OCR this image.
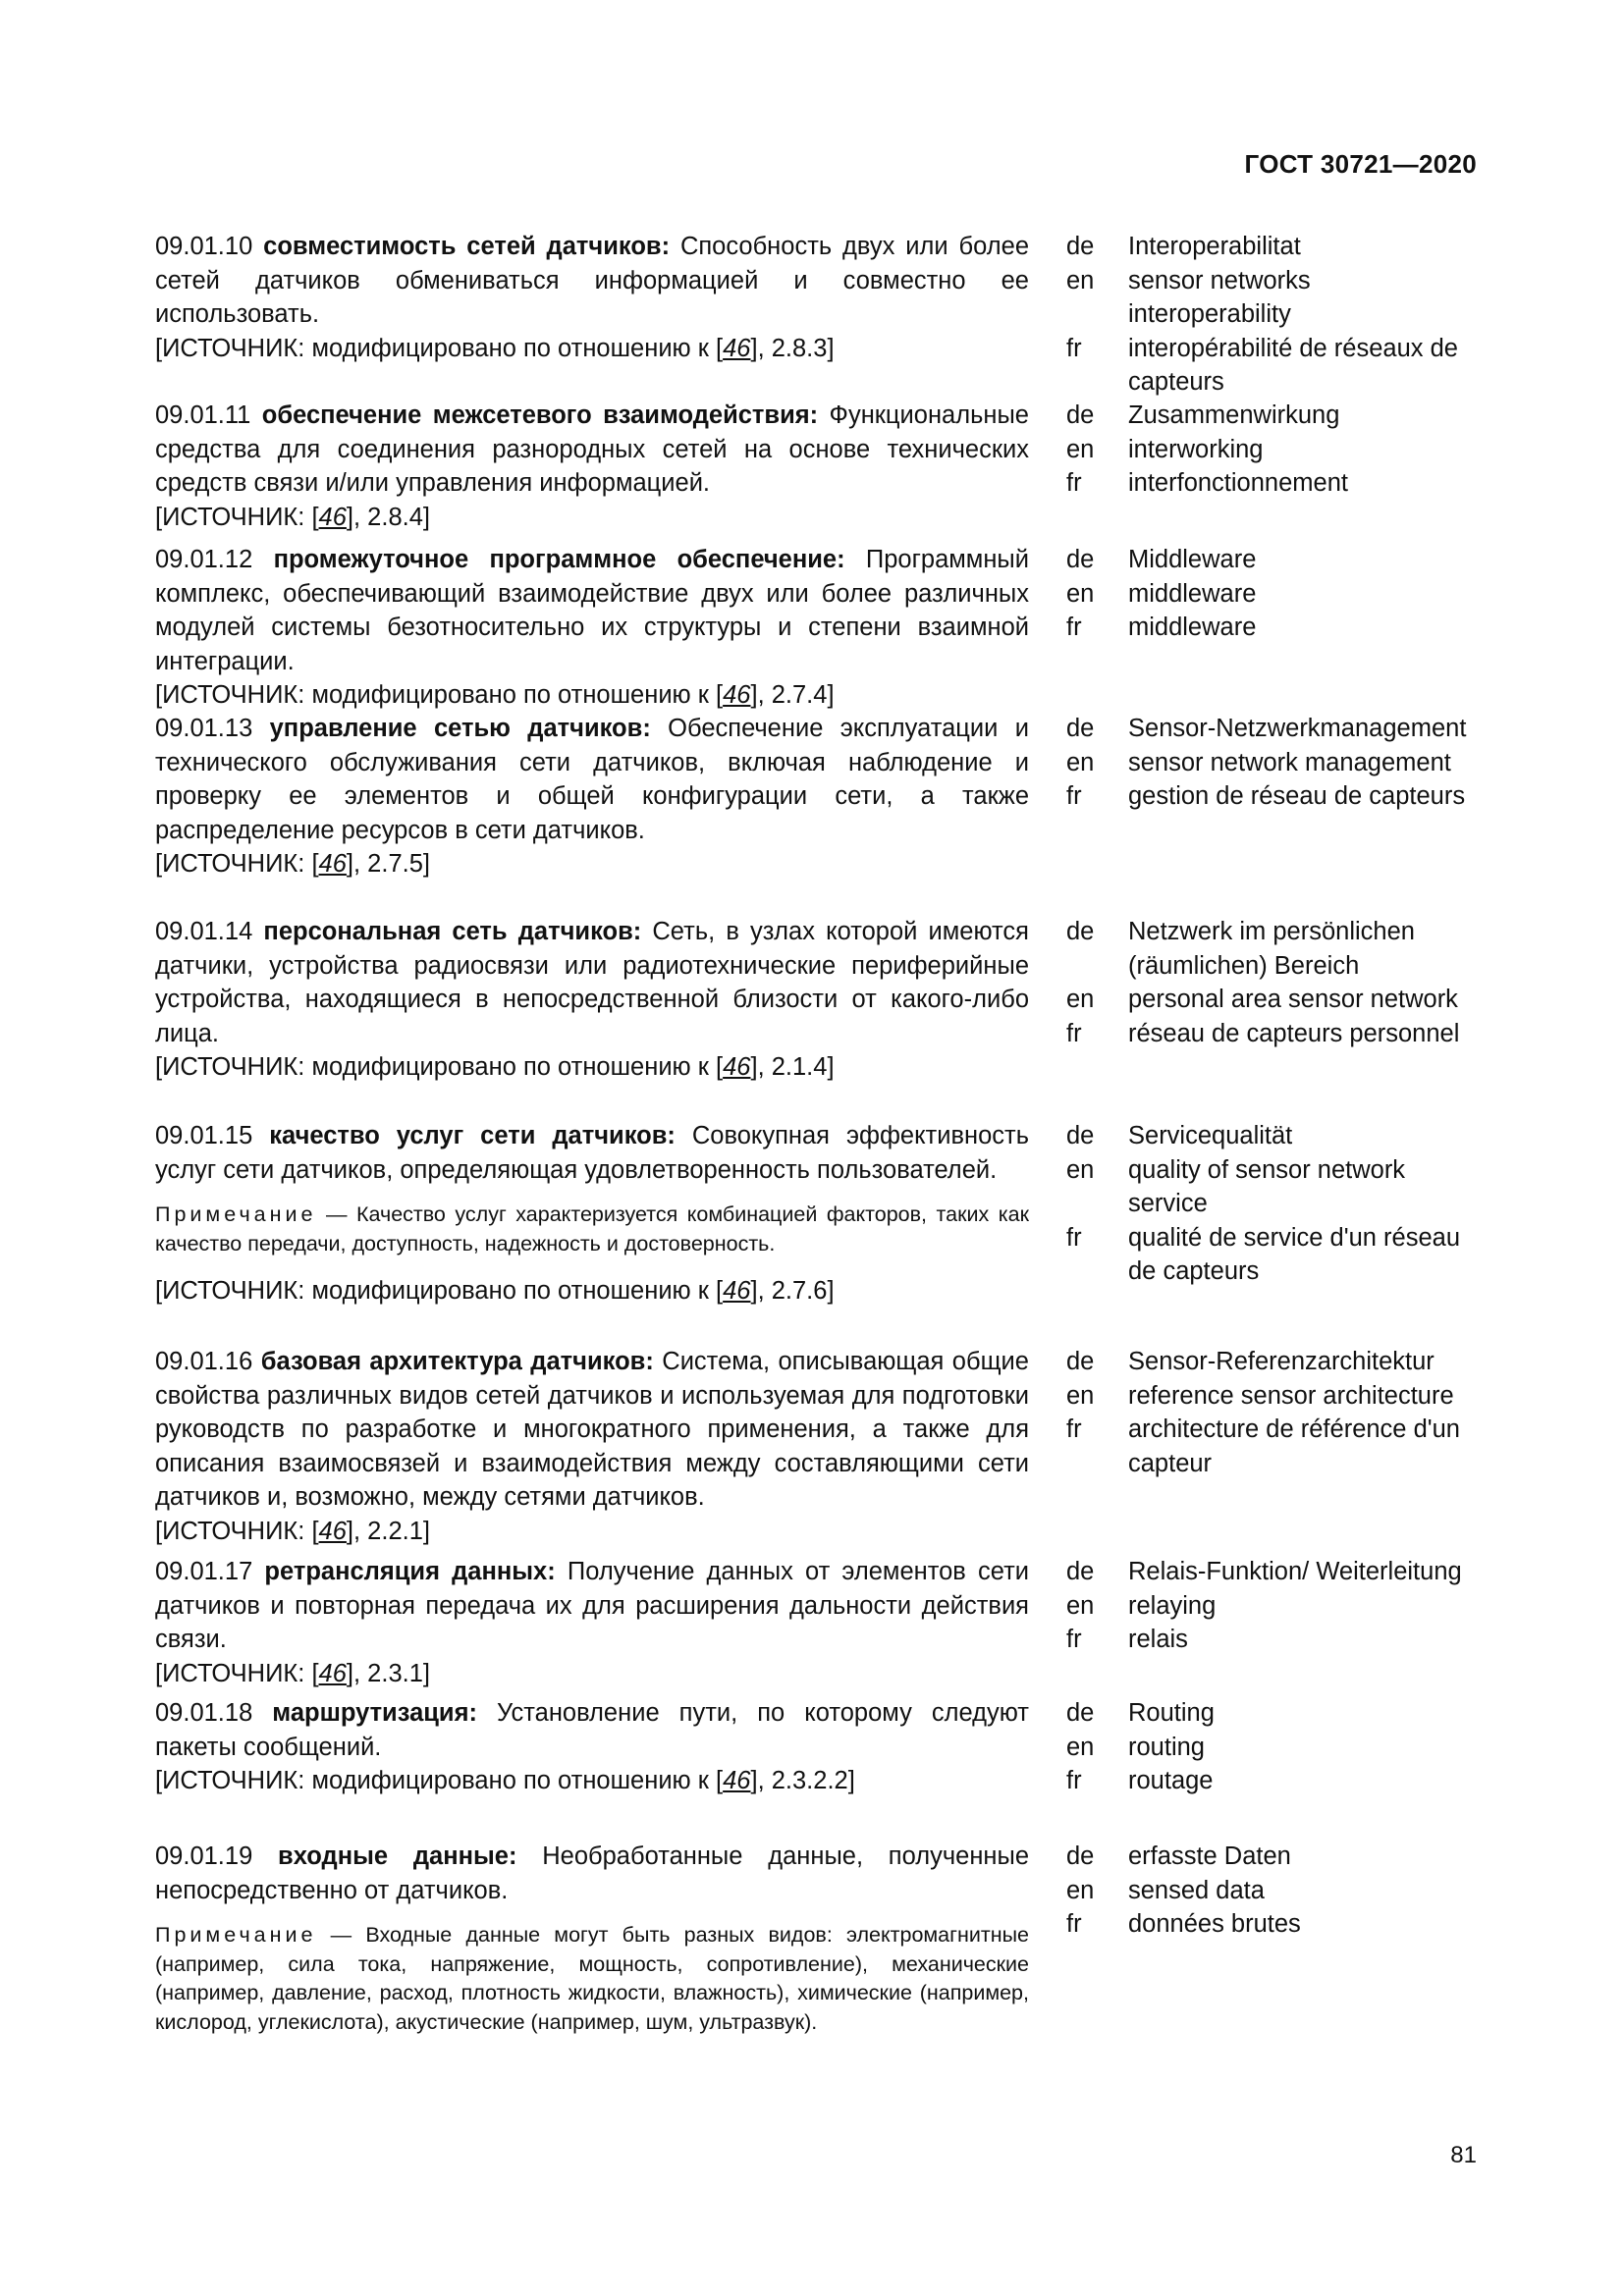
ГОСТ 30721—2020

09.01.10 совместимость сетей датчиков: Способность двух или более сетей датчиков обмениваться информацией и совместно ее использовать.

[ИСТОЧНИК: модифицировано по отношению к [46], 2.8.3]

de	Interoperabilitat
en	sensor networks interoperability
fr	interopérabilité de réseaux de capteurs

09.01.11 обеспечение межсетевого взаимодействия: Функциональные средства для соединения разнородных сетей на основе технических средств связи и/или управления информацией.

[ИСТОЧНИК: [46], 2.8.4]

de	Zusammenwirkung
en	interworking
fr	interfonctionnement

09.01.12 промежуточное программное обеспечение: Программный комплекс, обеспечивающий взаимодействие двух или более различных модулей системы безотносительно их структуры и степени взаимной интеграции.

[ИСТОЧНИК: модифицировано по отношению к [46], 2.7.4]

de	Middleware
en	middleware
fr	middleware

09.01.13 управление сетью датчиков: Обеспечение эксплуатации и технического обслуживания сети датчиков, включая наблюдение и проверку ее элементов и общей конфигурации сети, а также распределение ресурсов в сети датчиков.

[ИСТОЧНИК: [46], 2.7.5]

de	Sensor-Netzwerkmanagement
en	sensor network management
fr	gestion de réseau de capteurs

09.01.14 персональная сеть датчиков: Сеть, в узлах которой имеются датчики, устройства радиосвязи или радиотехнические периферийные устройства, находящиеся в непосредственной близости от какого-либо лица.

[ИСТОЧНИК: модифицировано по отношению к [46], 2.1.4]

de	Netzwerk im persönlichen (räumlichen) Bereich
en	personal area sensor network
fr	réseau de capteurs personnel

09.01.15 качество услуг сети датчиков: Совокупная эффективность услуг сети датчиков, определяющая удовлетворенность пользователей.

Примечание — Качество услуг характеризуется комбинацией факторов, таких как качество передачи, доступность, надежность и достоверность.

[ИСТОЧНИК: модифицировано по отношению к [46], 2.7.6]

de	Servicequalität
en	quality of sensor network service
fr	qualité de service d'un réseau de capteurs

09.01.16 базовая архитектура датчиков: Система, описывающая общие свойства различных видов сетей датчиков и используемая для подготовки руководств по разработке и многократного применения, а также для описания взаимосвязей и взаимодействия между составляющими сети датчиков и, возможно, между сетями датчиков.

[ИСТОЧНИК: [46], 2.2.1]

de	Sensor-Referenzarchitektur
en	reference sensor architecture
fr	architecture de référence d'un capteur

09.01.17 ретрансляция данных: Получение данных от элементов сети датчиков и повторная передача их для расширения дальности действия связи.

[ИСТОЧНИК: [46], 2.3.1]

de	Relais-Funktion/ Weiterleitung
en	relaying
fr	relais

09.01.18 маршрутизация: Установление пути, по которому следуют пакеты сообщений.

[ИСТОЧНИК: модифицировано по отношению к [46], 2.3.2.2]

de	Routing
en	routing
fr	routage

09.01.19 входные данные: Необработанные данные, полученные непосредственно от датчиков.

Примечание — Входные данные могут быть разных видов: электромагнитные (например, сила тока, напряжение, мощность, сопротивление), механические (например, давление, расход, плотность жидкости, влажность), химические (например, кислород, углекислота), акустические (например, шум, ультразвук).

de	erfasste Daten
en	sensed data
fr	données brutes
81
